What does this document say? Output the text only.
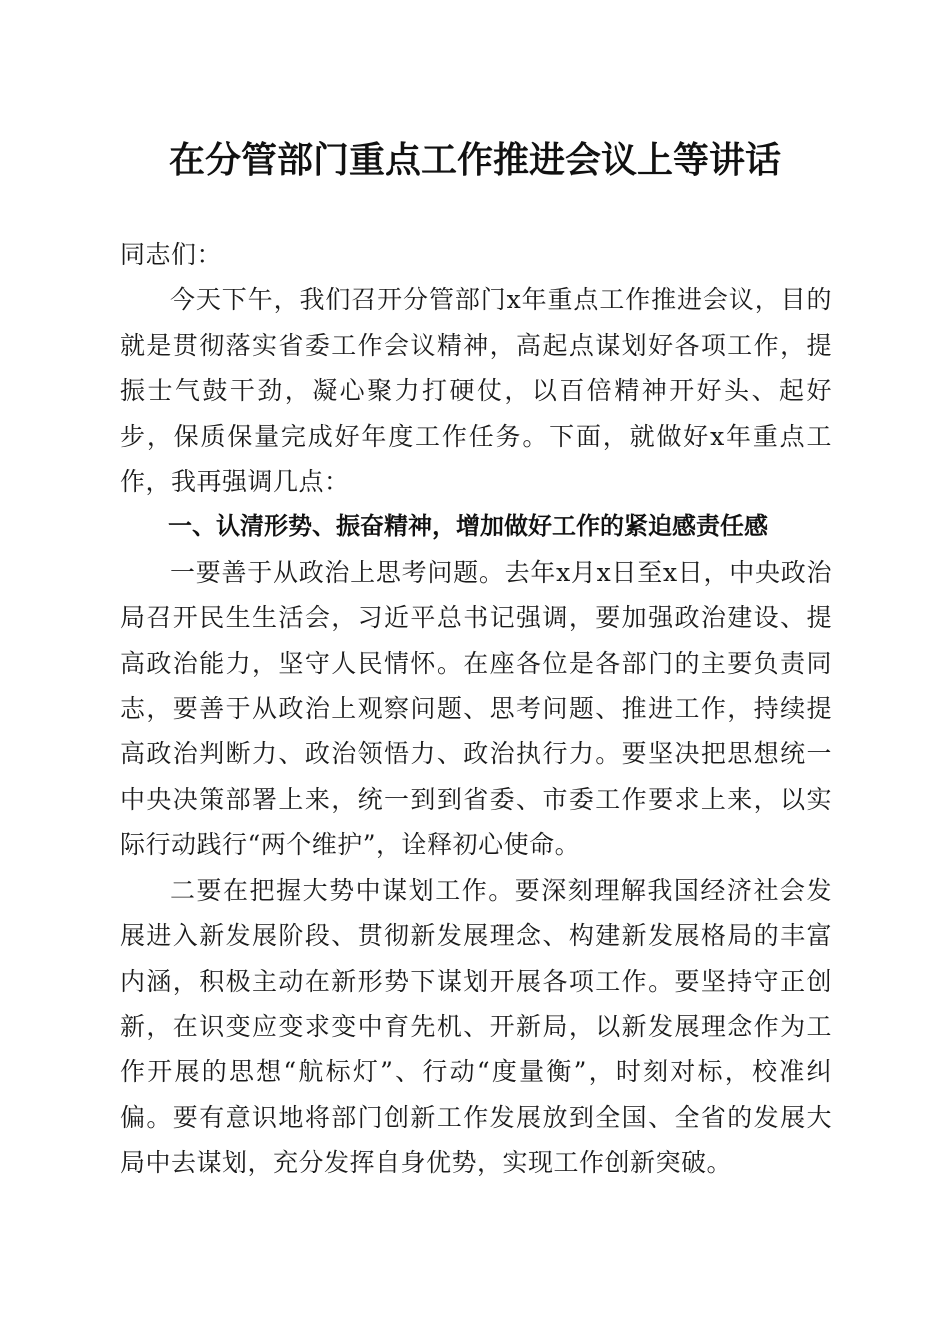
在分管部门重点工作推进会议上等讲话

同志们：

今天下午，我们召开分管部门x年重点工作推进会议，目的就是贯彻落实省委工作会议精神，高起点谋划好各项工作，提振士气鼓干劲，凝心聚力打硬仗，以百倍精神开好头、起好步，保质保量完成好年度工作任务。下面，就做好x年重点工作，我再强调几点：

一、认清形势、振奋精神，增加做好工作的紧迫感责任感

一要善于从政治上思考问题。去年x月x日至x日，中央政治局召开民生生活会，习近平总书记强调，要加强政治建设、提高政治能力，坚守人民情怀。在座各位是各部门的主要负责同志，要善于从政治上观察问题、思考问题、推进工作，持续提高政治判断力、政治领悟力、政治执行力。要坚决把思想统一中央决策部署上来，统一到到省委、市委工作要求上来，以实际行动践行“两个维护”，诠释初心使命。

二要在把握大势中谋划工作。要深刻理解我国经济社会发展进入新发展阶段、贯彻新发展理念、构建新发展格局的丰富内涵，积极主动在新形势下谋划开展各项工作。要坚持守正创新，在识变应变求变中育先机、开新局，以新发展理念作为工作开展的思想“航标灯”、行动“度量衡”，时刻对标，校准纠偏。要有意识地将部门创新工作发展放到全国、全省的发展大局中去谋划，充分发挥自身优势，实现工作创新突破。
